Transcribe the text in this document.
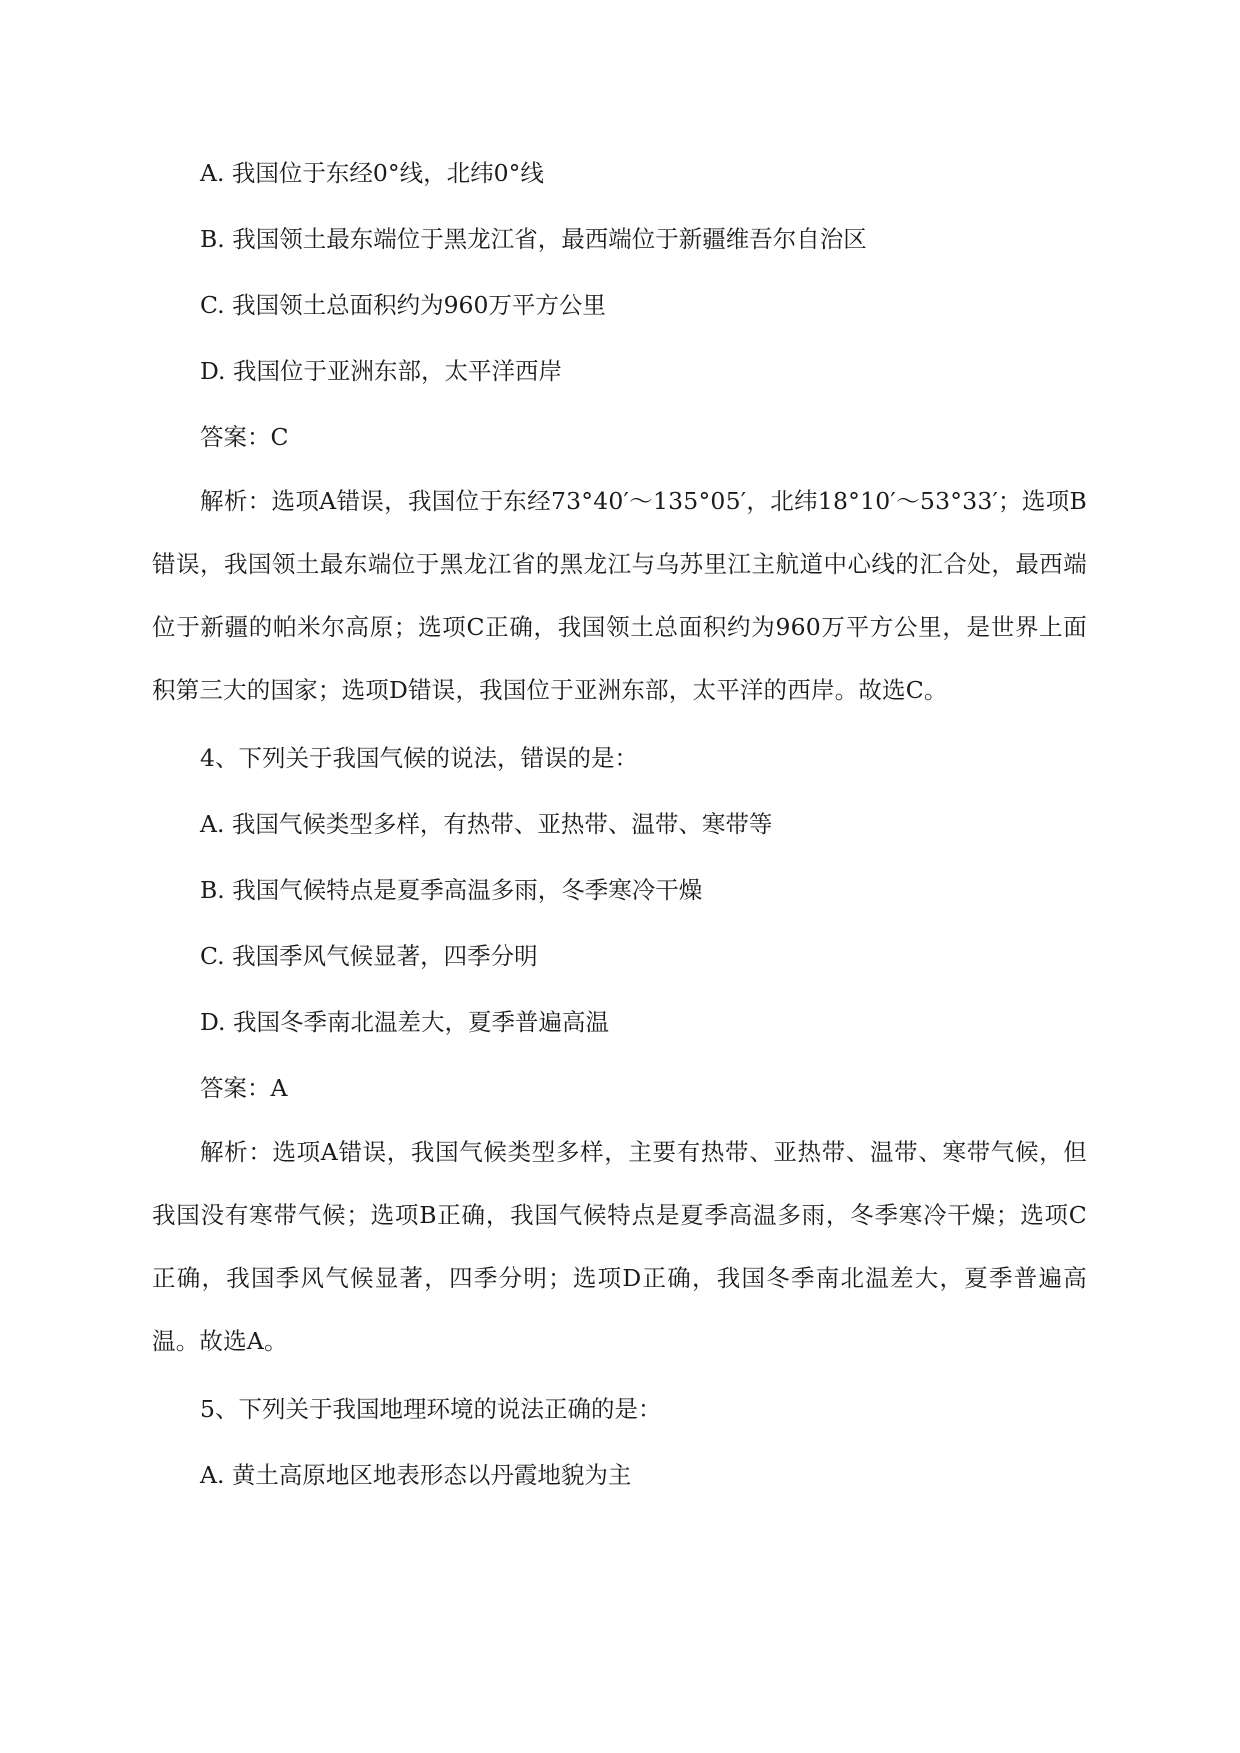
A. 我国位于东经0°线，北纬0°线

B. 我国领土最东端位于黑龙江省，最西端位于新疆维吾尔自治区

C. 我国领土总面积约为960万平方公里

D. 我国位于亚洲东部，太平洋西岸

答案：C

解析：选项A错误，我国位于东经73°40′～135°05′，北纬18°10′～53°33′；选项B错误，我国领土最东端位于黑龙江省的黑龙江与乌苏里江主航道中心线的汇合处，最西端位于新疆的帕米尔高原；选项C正确，我国领土总面积约为960万平方公里，是世界上面积第三大的国家；选项D错误，我国位于亚洲东部，太平洋的西岸。故选C。

4、下列关于我国气候的说法，错误的是：

A. 我国气候类型多样，有热带、亚热带、温带、寒带等

B. 我国气候特点是夏季高温多雨，冬季寒冷干燥

C. 我国季风气候显著，四季分明

D. 我国冬季南北温差大，夏季普遍高温

答案：A

解析：选项A错误，我国气候类型多样，主要有热带、亚热带、温带、寒带气候，但我国没有寒带气候；选项B正确，我国气候特点是夏季高温多雨，冬季寒冷干燥；选项C正确，我国季风气候显著，四季分明；选项D正确，我国冬季南北温差大，夏季普遍高温。故选A。

5、下列关于我国地理环境的说法正确的是：

A. 黄土高原地区地表形态以丹霞地貌为主
